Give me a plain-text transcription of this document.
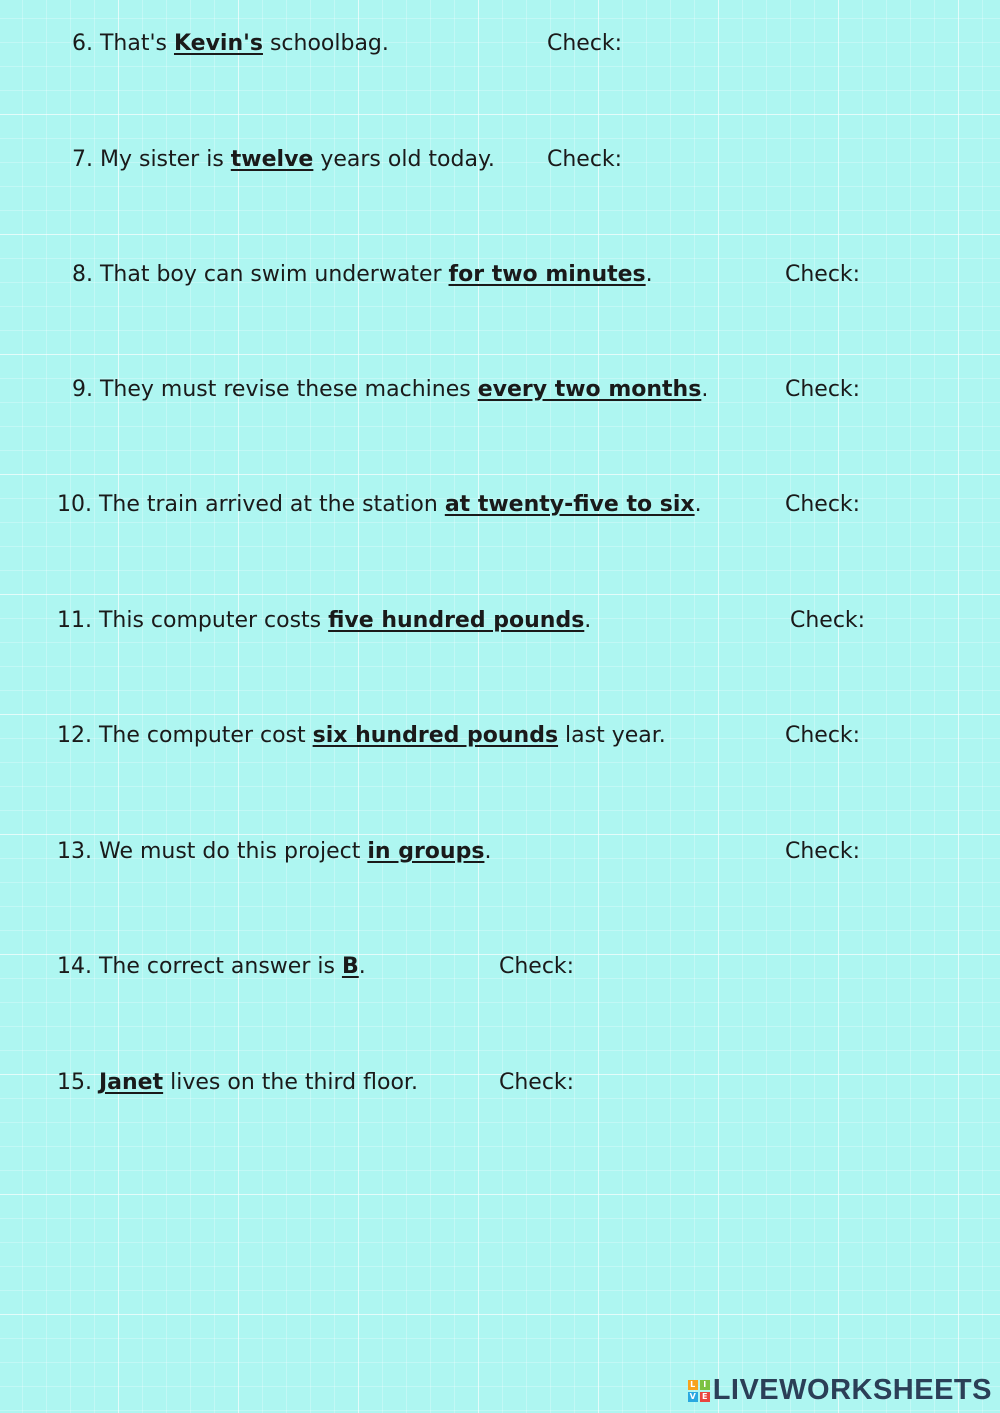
6. That's Kevin's schoolbag.	Check:
7. My sister is twelve years old today. Check:
8. That boy can swim underwater for two minutes.	Check:
9. They must revise these machines every two months.	Check:
10. The train arrived at the station at twenty-five to six.	Check:
11. This computer costs five hundred pounds.	Check:
12. The computer cost six hundred pounds last year.	Check:
13. We must do this project in groups.	Check:
14. The correct answer is B.	Check:
15. Janet lives on the third floor.	Check:
L I
V E LIVEWORKSHEETS
